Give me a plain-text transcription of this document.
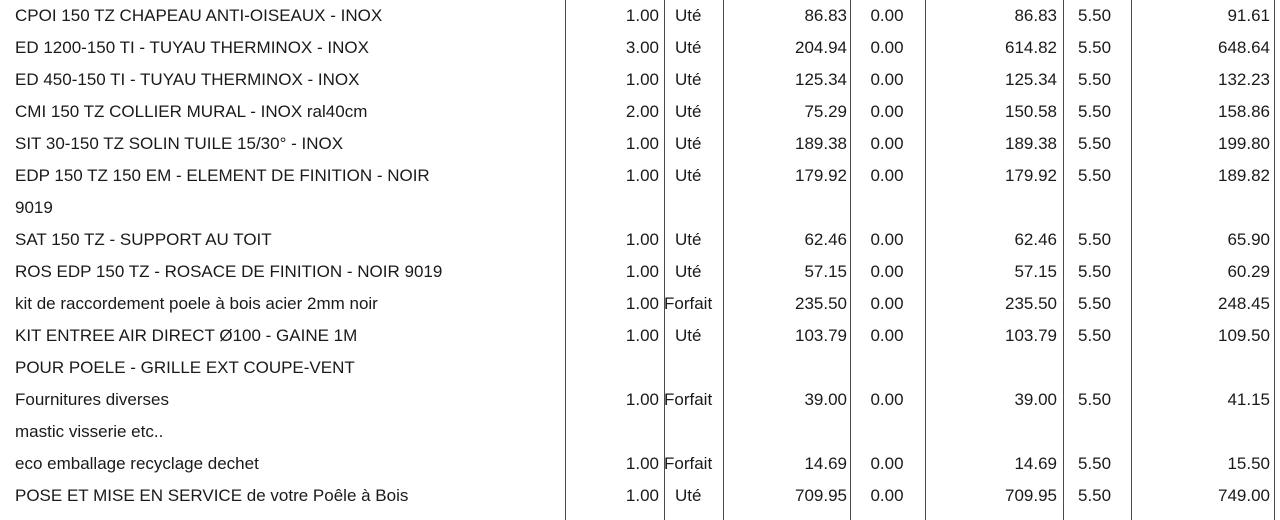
CPOI 150 TZ CHAPEAU ANTI-OISEAUX - INOX	1.00 Uté	86.83	0.00	86.83	5.50	91.61
ED 1200-150 TI - TUYAU THERMINOX - INOX	3.00 Uté	204.94	0.00	614.82	5.50	648.64
ED 450-150 TI - TUYAU THERMINOX - INOX	1.00 Uté	125.34	0.00	125.34	5.50	132.23
CMI 150 TZ COLLIER MURAL - INOX ral40cm	2.00 Uté	75.29	0.00	150.58	5.50	158.86
SIT 30-150 TZ SOLIN TUILE 15/30° - INOX	1.00 Uté	189.38	0.00	189.38	5.50	199.80
EDP 150 TZ 150 EM - ELEMENT DE FINITION - NOIR	1.00 Uté	179.92	0.00	179.92	5.50	189.82
9019
SAT 150 TZ - SUPPORT AU TOIT	1.00 Uté	62.46	0.00	62.46	5.50	65.90
ROS EDP 150 TZ - ROSACE DE FINITION - NOIR 9019	1.00 Uté	57.15	0.00	57.15	5.50	60.29
kit de raccordement poele à bois acier 2mm noir	1.00 Forfait	235.50	0.00	235.50	5.50	248.45
KIT ENTREE AIR DIRECT Ø100 - GAINE 1M	1.00 Uté	103.79	0.00	103.79	5.50	109.50
POUR POELE - GRILLE EXT COUPE-VENT
Fournitures diverses	1.00 Forfait	39.00	0.00	39.00	5.50	41.15
mastic visserie etc..
eco emballage recyclage dechet	1.00 Forfait	14.69	0.00	14.69	5.50	15.50
POSE ET MISE EN SERVICE de votre Poêle à Bois	1.00 Uté	709.95	0.00	709.95	5.50	749.00
